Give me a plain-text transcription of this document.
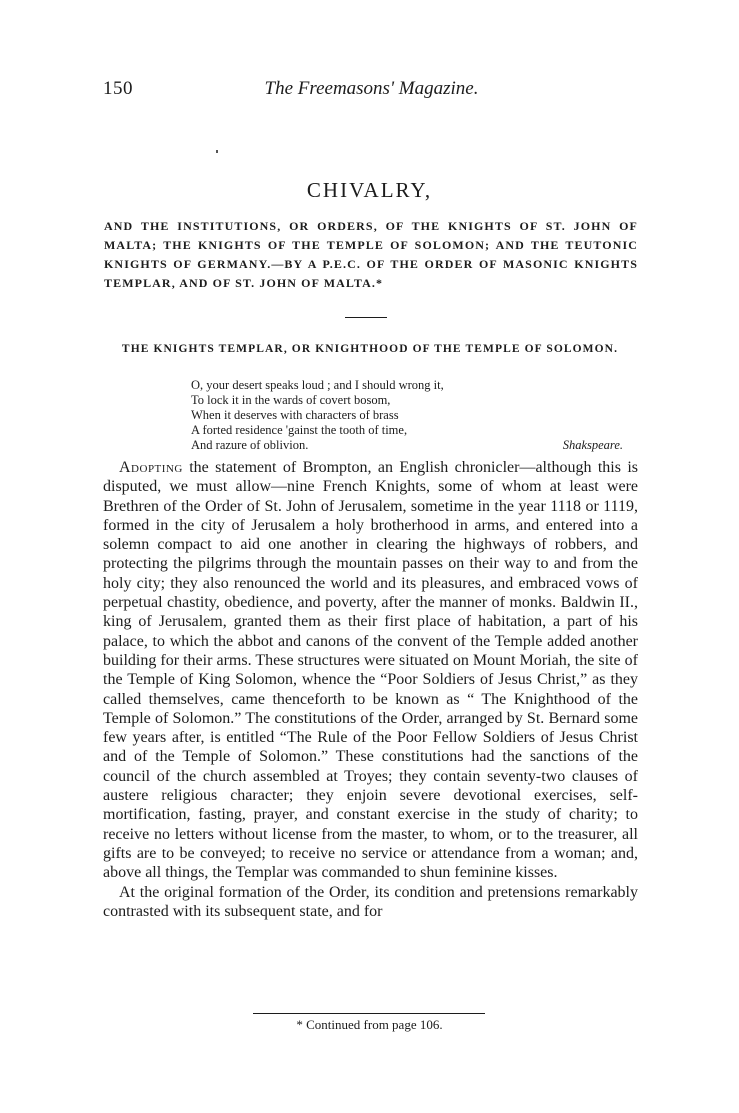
150	The Freemasons' Magazine.
CHIVALRY,
AND THE INSTITUTIONS, OR ORDERS, OF THE KNIGHTS OF ST. JOHN OF MALTA; THE KNIGHTS OF THE TEMPLE OF SOLOMON; AND THE TEUTONIC KNIGHTS OF GERMANY.—BY A P.E.C. OF THE ORDER OF MASONIC KNIGHTS TEMPLAR, AND OF ST. JOHN OF MALTA.*
THE KNIGHTS TEMPLAR, OR KNIGHTHOOD OF THE TEMPLE OF SOLOMON.
O, your desert speaks loud ; and I should wrong it,
To lock it in the wards of covert bosom,
When it deserves with characters of brass
A forted residence 'gainst the tooth of time,
And razure of oblivion.	Shakspeare.

Adopting the statement of Brompton, an English chronicler—although this is disputed, we must allow—nine French Knights, some of whom at least were Brethren of the Order of St. John of Jerusalem, sometime in the year 1118 or 1119, formed in the city of Jerusalem a holy brotherhood in arms, and entered into a solemn compact to aid one another in clearing the highways of robbers, and protecting the pilgrims through the mountain passes on their way to and from the holy city; they also renounced the world and its pleasures, and embraced vows of perpetual chastity, obedience, and poverty, after the manner of monks. Baldwin II., king of Jerusalem, granted them as their first place of habitation, a part of his palace, to which the abbot and canons of the convent of the Temple added another building for their arms. These structures were situated on Mount Moriah, the site of the Temple of King Solomon, whence the “Poor Soldiers of Jesus Christ,” as they called themselves, came thenceforth to be known as “ The Knighthood of the Temple of Solomon.” The constitutions of the Order, arranged by St. Bernard some few years after, is entitled “The Rule of the Poor Fellow Soldiers of Jesus Christ and of the Temple of Solomon.” These constitutions had the sanctions of the council of the church assembled at Troyes; they contain seventy-two clauses of austere religious character; they enjoin severe devotional exercises, self-mortification, fasting, prayer, and constant exercise in the study of charity; to receive no letters without license from the master, to whom, or to the treasurer, all gifts are to be conveyed; to receive no service or attendance from a woman; and, above all things, the Templar was commanded to shun feminine kisses.

At the original formation of the Order, its condition and pretensions remarkably contrasted with its subsequent state, and for

* Continued from page 106.
